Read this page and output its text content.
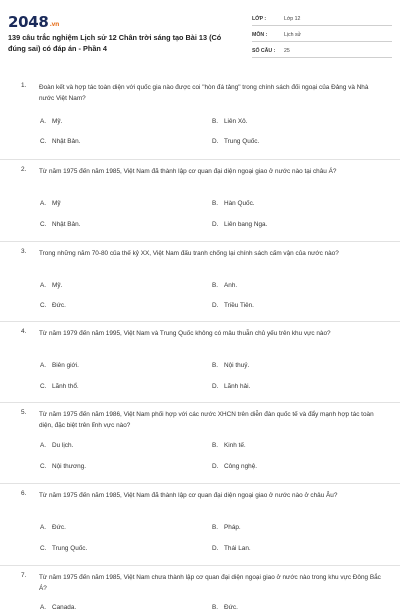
2048.vn
139 câu trắc nghiệm Lịch sử 12 Chân trời sáng tạo Bài 13 (Có đúng sai) có đáp án - Phần 4
LỚP :	Lớp 12
MÔN :	Lịch sử
SỐ CÂU :	25
1. Đoàn kết và hợp tác toàn diện với quốc gia nào được coi "hòn đá tảng" trong chính sách đối ngoại của Đảng và Nhà nước Việt Nam?
A. Mỹ.	B. Liên Xô.
C. Nhật Bản.	D. Trung Quốc.
2. Từ năm 1975 đến năm 1985, Việt Nam đã thành lập cơ quan đại diện ngoại giao ở nước nào tại châu Á?
A. Mỹ	B. Hàn Quốc.
C. Nhật Bản.	D. Liên bang Nga.
3. Trong những năm 70-80 của thế kỷ XX, Việt Nam đấu tranh chống lại chính sách cấm vận của nước nào?
A. Mỹ.	B. Anh.
C. Đức.	D. Triều Tiên.
4. Từ năm 1979 đến năm 1995, Việt Nam và Trung Quốc không có mâu thuẫn chủ yếu trên khu vực nào?
A. Biên giới.	B. Nội thuỷ.
C. Lãnh thổ.	D. Lãnh hải.
5. Từ năm 1975 đến năm 1986, Việt Nam phối hợp với các nước XHCN trên diễn đàn quốc tế và đẩy mạnh hợp tác toàn diện, đặc biệt trên lĩnh vực nào?
A. Du lịch.	B. Kinh tế.
C. Nội thương.	D. Công nghệ.
6. Từ năm 1975 đến năm 1985, Việt Nam đã thành lập cơ quan đại diện ngoại giao ở nước nào ở châu Âu?
A. Đức.	B. Pháp.
C. Trung Quốc.	D. Thái Lan.
7. Từ năm 1975 đến năm 1985, Việt Nam chưa thành lập cơ quan đại diện ngoại giao ở nước nào trong khu vực Đông Bắc Á?
A. Canada.	B. Đức.
